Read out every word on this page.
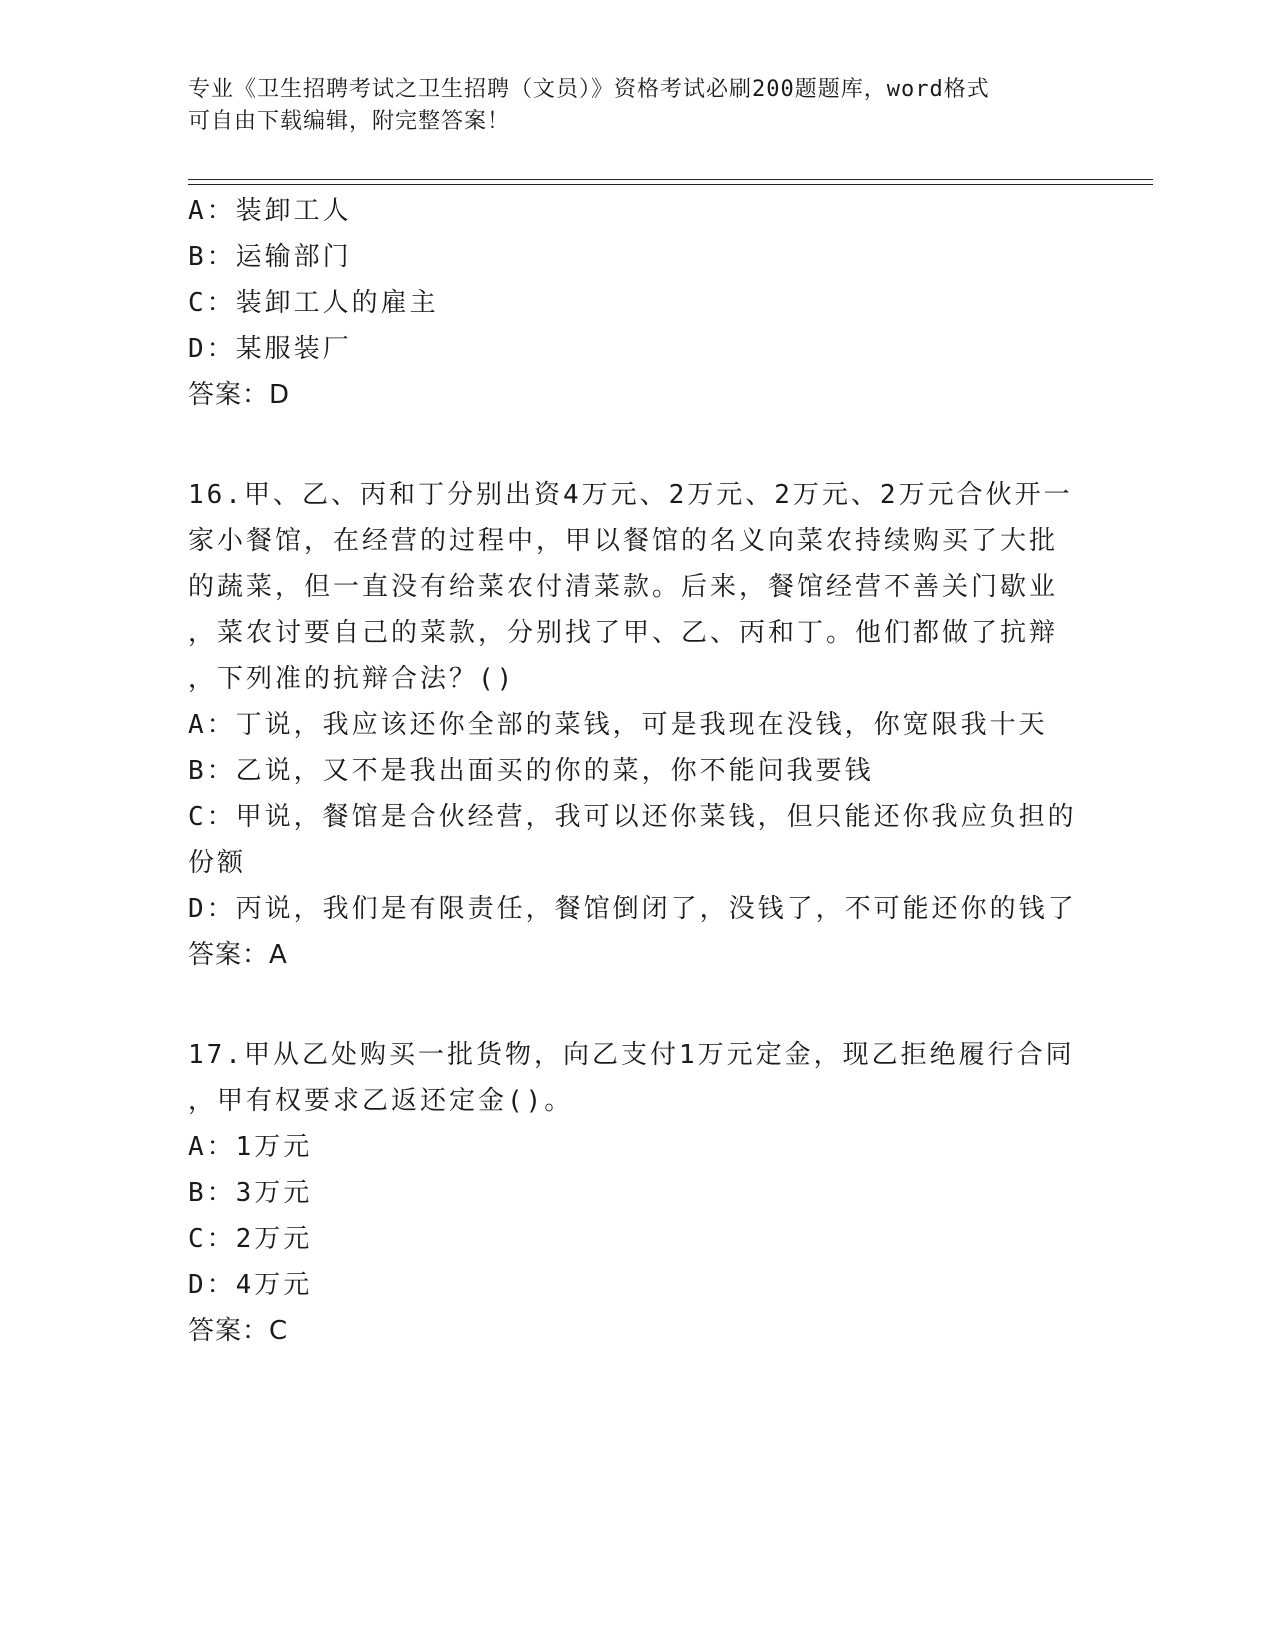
专业《卫生招聘考试之卫生招聘（文员）》资格考试必刷200题题库，word格式
可自由下载编辑，附完整答案！
A：装卸工人
B：运输部门
C：装卸工人的雇主
D：某服装厂
答案：D
16.甲、乙、丙和丁分别出资4万元、2万元、2万元、2万元合伙开一
家小餐馆，在经营的过程中，甲以餐馆的名义向菜农持续购买了大批
的蔬菜，但一直没有给菜农付清菜款。后来，餐馆经营不善关门歇业
，菜农讨要自己的菜款，分别找了甲、乙、丙和丁。他们都做了抗辩
，下列准的抗辩合法？()
A：丁说，我应该还你全部的菜钱，可是我现在没钱，你宽限我十天
B：乙说，又不是我出面买的你的菜，你不能问我要钱
C：甲说，餐馆是合伙经营，我可以还你菜钱，但只能还你我应负担的
份额
D：丙说，我们是有限责任，餐馆倒闭了，没钱了，不可能还你的钱了
答案：A
17.甲从乙处购买一批货物，向乙支付1万元定金，现乙拒绝履行合同
，甲有权要求乙返还定金()。
A：1万元
B：3万元
C：2万元
D：4万元
答案：C
